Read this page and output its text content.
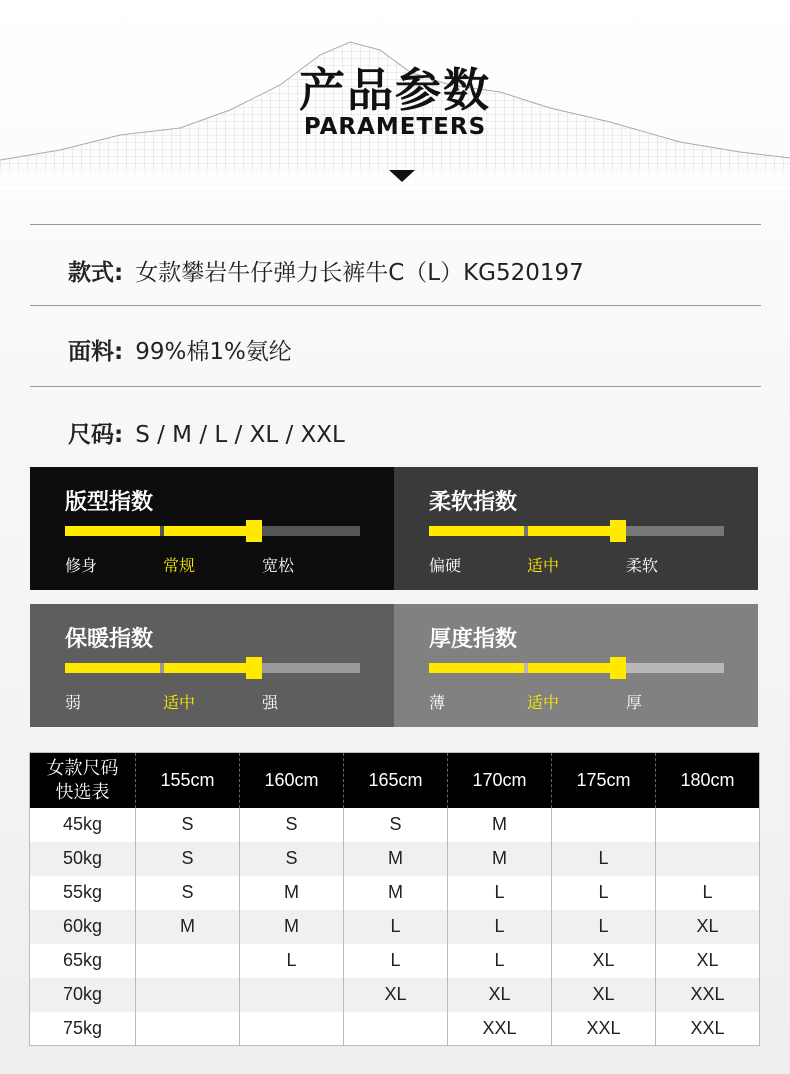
产品参数
PARAMETERS
款式: 女款攀岩牛仔弹力长裤牛C（L）KG520197
面料: 99%棉1%氨纶
尺码: S / M / L / XL / XXL
版型指数
修身	常规	宽松
柔软指数
偏硬	适中	柔软
保暖指数
弱	适中	强
厚度指数
薄	适中	厚
女款尺码
快选表	155cm	160cm	165cm	170cm	175cm	180cm
45kg	S	S	S	M		
50kg	S	S	M	M	L	
55kg	S	M	M	L	L	L
60kg	M	M	L	L	L	XL
65kg		L	L	L	XL	XL
70kg			XL	XL	XL	XXL
75kg				XXL	XXL	XXL
